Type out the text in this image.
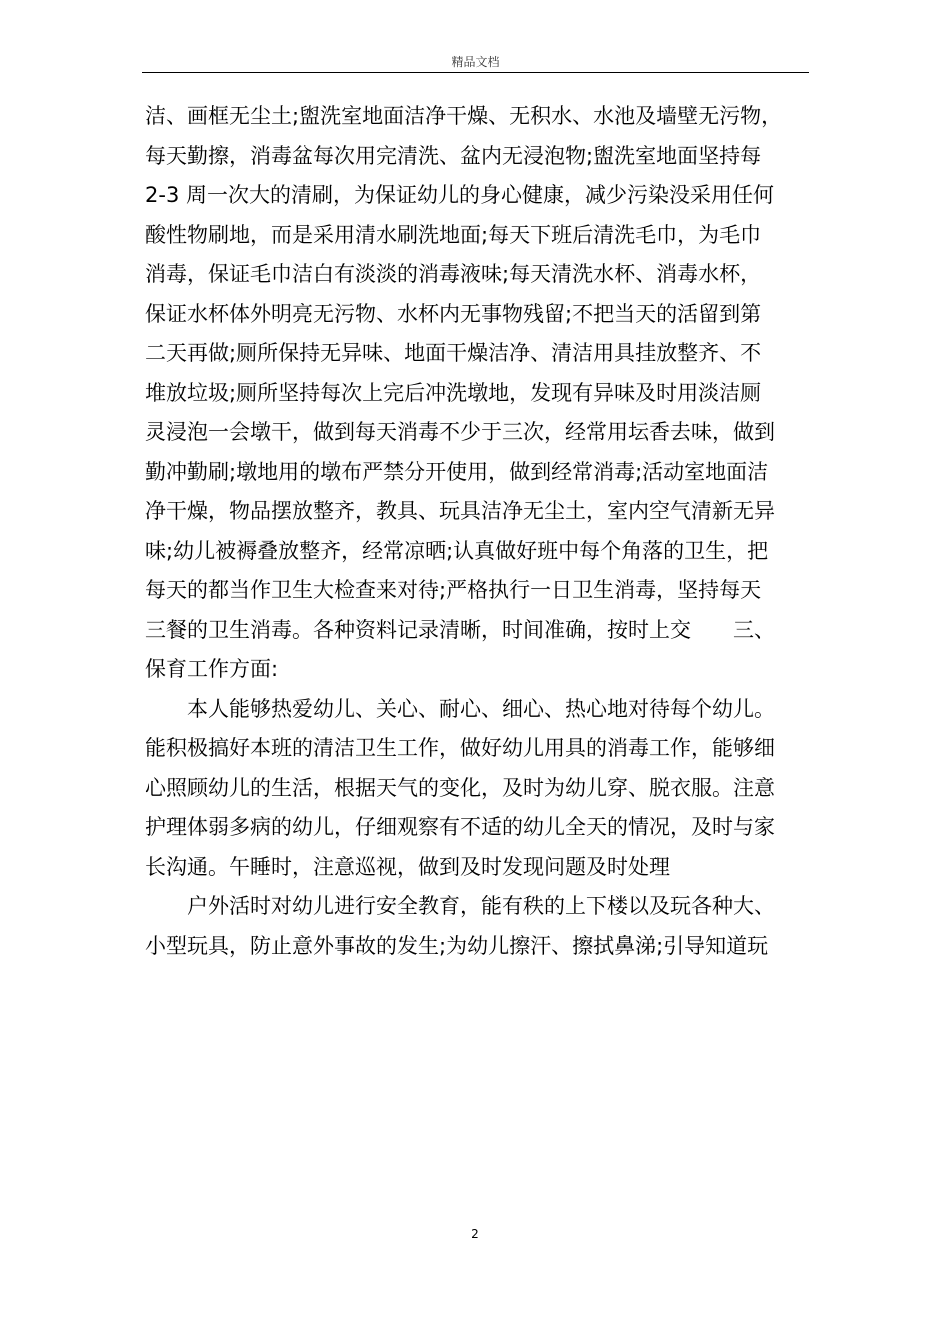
精品文档
洁、画框无尘土;盥洗室地面洁净干燥、无积水、水池及墙壁无污物，
每天勤擦，消毒盆每次用完清洗、盆内无浸泡物;盥洗室地面坚持每
2-3 周一次大的清刷，为保证幼儿的身心健康，减少污染没采用任何
酸性物刷地，而是采用清水刷洗地面;每天下班后清洗毛巾，为毛巾
消毒，保证毛巾洁白有淡淡的消毒液味;每天清洗水杯、消毒水杯，
保证水杯体外明亮无污物、水杯内无事物残留;不把当天的活留到第
二天再做;厕所保持无异味、地面干燥洁净、清洁用具挂放整齐、不
堆放垃圾;厕所坚持每次上完后冲洗墩地，发现有异味及时用淡洁厕
灵浸泡一会墩干，做到每天消毒不少于三次，经常用坛香去味，做到
勤冲勤刷;墩地用的墩布严禁分开使用，做到经常消毒;活动室地面洁
净干燥，物品摆放整齐，教具、玩具洁净无尘土，室内空气清新无异
味;幼儿被褥叠放整齐，经常凉晒;认真做好班中每个角落的卫生，把
每天的都当作卫生大检查来对待;严格执行一日卫生消毒，坚持每天
三餐的卫生消毒。各种资料记录清晰，时间准确，按时上交　　三、
保育工作方面:
　　本人能够热爱幼儿、关心、耐心、细心、热心地对待每个幼儿。
能积极搞好本班的清洁卫生工作，做好幼儿用具的消毒工作，能够细
心照顾幼儿的生活，根据天气的变化，及时为幼儿穿、脱衣服。注意
护理体弱多病的幼儿，仔细观察有不适的幼儿全天的情况，及时与家
长沟通。午睡时，注意巡视，做到及时发现问题及时处理
　　户外活时对幼儿进行安全教育，能有秩的上下楼以及玩各种大、
小型玩具，防止意外事故的发生;为幼儿擦汗、擦拭鼻涕;引导知道玩
2
